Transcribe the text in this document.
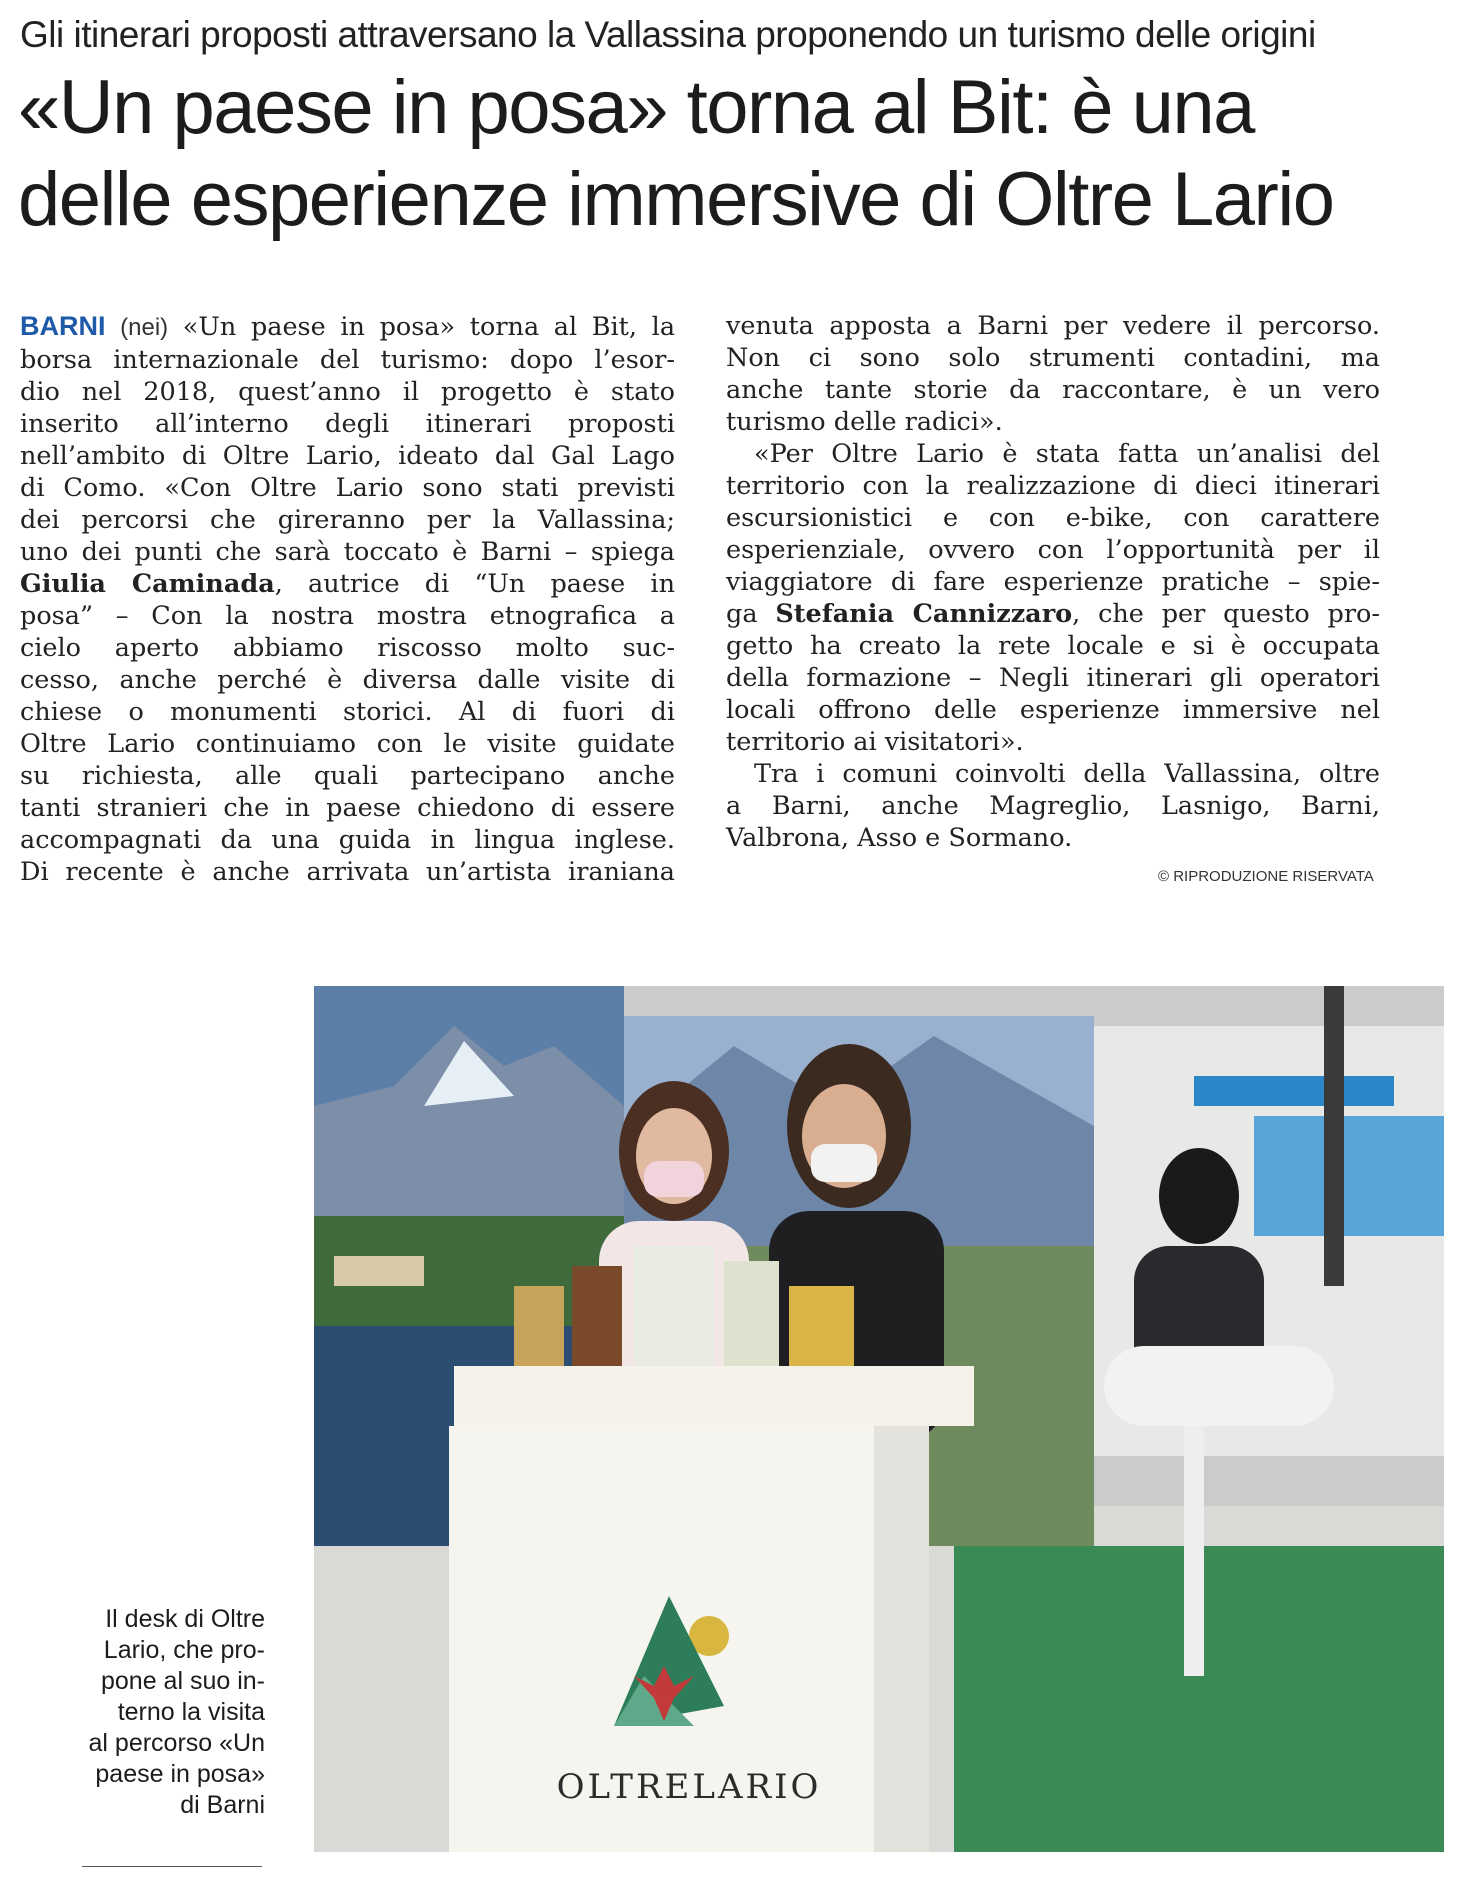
Gli itinerari proposti attraversano la Vallassina proponendo un turismo delle origini
«Un paese in posa» torna al Bit: è una
delle esperienze immersive di Oltre Lario
BARNI (nei) «Un paese in posa» torna al Bit, la
borsa internazionale del turismo: dopo l’esor-
dio nel 2018, quest’anno il progetto è stato
inserito all’interno degli itinerari proposti
nell’ambito di Oltre Lario, ideato dal Gal Lago
di Como. «Con Oltre Lario sono stati previsti
dei percorsi che gireranno per la Vallassina;
uno dei punti che sarà toccato è Barni – spiega
Giulia Caminada, autrice di “Un paese in
posa” – Con la nostra mostra etnografica a
cielo aperto abbiamo riscosso molto suc-
cesso, anche perché è diversa dalle visite di
chiese o monumenti storici. Al di fuori di
Oltre Lario continuiamo con le visite guidate
su richiesta, alle quali partecipano anche
tanti stranieri che in paese chiedono di essere
accompagnati da una guida in lingua inglese.
Di recente è anche arrivata un’artista iraniana
venuta apposta a Barni per vedere il percorso.
Non ci sono solo strumenti contadini, ma
anche tante storie da raccontare, è un vero
turismo delle radici».
«Per Oltre Lario è stata fatta un’analisi del
territorio con la realizzazione di dieci itinerari
escursionistici e con e-bike, con carattere
esperienziale, ovvero con l’opportunità per il
viaggiatore di fare esperienze pratiche – spie-
ga Stefania Cannizzaro, che per questo pro-
getto ha creato la rete locale e si è occupata
della formazione – Negli itinerari gli operatori
locali offrono delle esperienze immersive nel
territorio ai visitatori».
Tra i comuni coinvolti della Vallassina, oltre
a Barni, anche Magreglio, Lasnigo, Barni,
Valbrona, Asso e Sormano.
© RIPRODUZIONE RISERVATA
OLTRELARIO

Il desk di Oltre
Lario, che pro-
pone al suo in-
terno la visita
al percorso «Un
paese in posa»
di Barni
